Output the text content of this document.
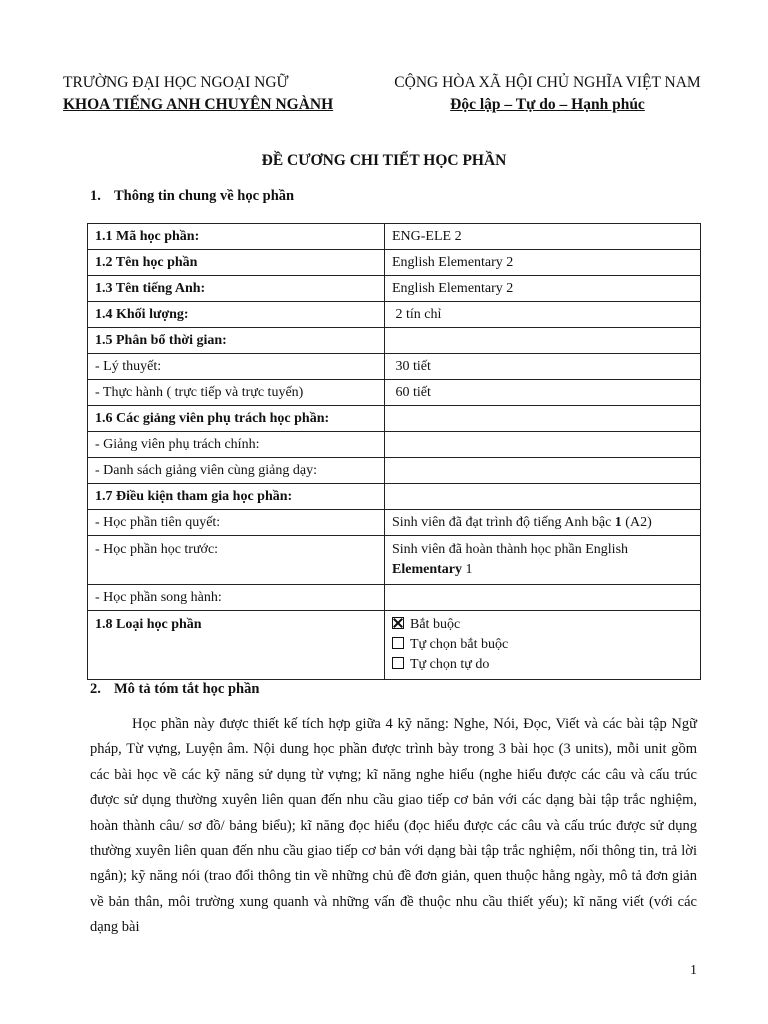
TRƯỜNG ĐẠI HỌC NGOẠI NGỮ
KHOA TIẾNG ANH CHUYÊN NGÀNH
CỘNG HÒA XÃ HỘI CHỦ NGHĨA VIỆT NAM
Độc lập – Tự do – Hạnh phúc
ĐỀ CƯƠNG CHI TIẾT HỌC PHẦN
1. Thông tin chung về học phần
1.1 Mã học phần:	ENG-ELE 2
1.2 Tên học phần	English Elementary 2
1.3 Tên tiếng Anh:	English Elementary 2
1.4 Khối lượng:	2 tín chỉ
1.5 Phân bổ thời gian:	
- Lý thuyết:	30 tiết
- Thực hành ( trực tiếp và trực tuyến)	60 tiết
1.6 Các giảng viên phụ trách học phần:	
- Giảng viên phụ trách chính:	
- Danh sách giảng viên cùng giảng dạy:	
1.7 Điều kiện tham gia học phần:	
- Học phần tiên quyết:	Sinh viên đã đạt trình độ tiếng Anh bậc 1 (A2)
- Học phần học trước:	Sinh viên đã hoàn thành học phần English Elementary 1
- Học phần song hành:	
1.8 Loại học phần	Bắt buộc
Tự chọn bắt buộc
Tự chọn tự do
2. Mô tả tóm tắt học phần

Học phần này được thiết kế tích hợp giữa 4 kỹ năng: Nghe, Nói, Đọc, Viết và các bài tập Ngữ pháp, Từ vựng, Luyện âm. Nội dung học phần được trình bày trong 3 bài học (3 units), mỗi unit gồm các bài học về các kỹ năng sử dụng từ vựng; kĩ năng nghe hiểu (nghe hiểu được các câu và cấu trúc được sử dụng thường xuyên liên quan đến nhu cầu giao tiếp cơ bản với các dạng bài tập trắc nghiệm, hoàn thành câu/ sơ đồ/ bảng biểu); kĩ năng đọc hiểu (đọc hiểu được các câu và cấu trúc được sử dụng thường xuyên liên quan đến nhu cầu giao tiếp cơ bản với dạng bài tập trắc nghiệm, nối thông tin, trả lời ngắn); kỹ năng nói (trao đổi thông tin về những chủ đề đơn giản, quen thuộc hằng ngày, mô tả đơn giản về bản thân, môi trường xung quanh và những vấn đề thuộc nhu cầu thiết yếu); kĩ năng viết (với các dạng bài

1
